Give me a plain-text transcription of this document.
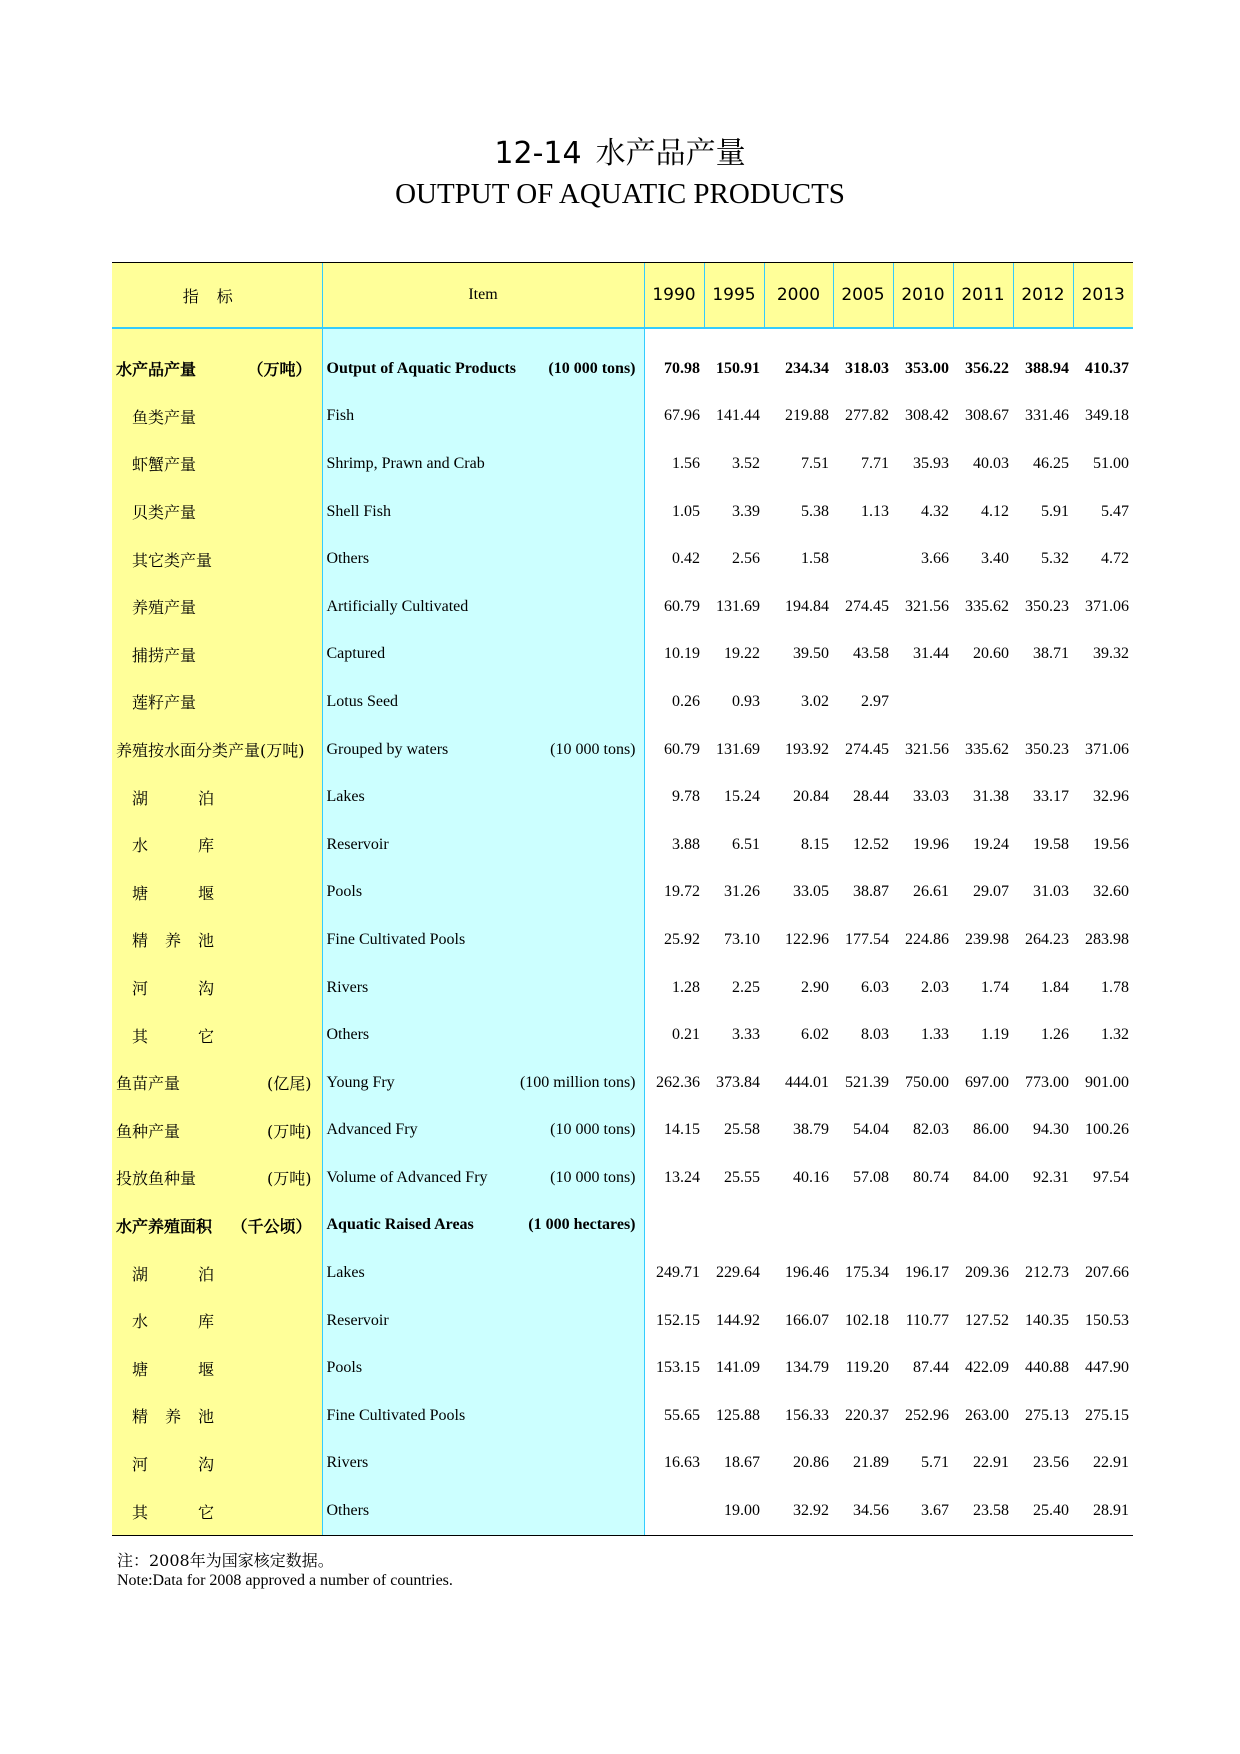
12-14 水产品产量
OUTPUT OF AQUATIC PRODUCTS
指标	Item	1990	1995	2000	2005	2010	2011	2012	2013

水产品产量 （万吨）	Output of Aquatic Products (10 000 tons)	70.98	150.91	234.34	318.03	353.00	356.22	388.94	410.37

鱼类产量	Fish	67.96	141.44	219.88	277.82	308.42	308.67	331.46	349.18

虾蟹产量	Shrimp, Prawn and Crab	1.56	3.52	7.51	7.71	35.93	40.03	46.25	51.00

贝类产量	Shell Fish	1.05	3.39	5.38	1.13	4.32	4.12	5.91	5.47

其它类产量	Others	0.42	2.56	1.58		3.66	3.40	5.32	4.72

养殖产量	Artificially Cultivated	60.79	131.69	194.84	274.45	321.56	335.62	350.23	371.06

捕捞产量	Captured	10.19	19.22	39.50	43.58	31.44	20.60	38.71	39.32

莲籽产量	Lotus Seed	0.26	0.93	3.02	2.97				

养殖按水面分类产量(万吨)	Grouped by waters (10 000 tons)	60.79	131.69	193.92	274.45	321.56	335.62	350.23	371.06

湖 泊	Lakes	9.78	15.24	20.84	28.44	33.03	31.38	33.17	32.96

水 库	Reservoir	3.88	6.51	8.15	12.52	19.96	19.24	19.58	19.56

塘 堰	Pools	19.72	31.26	33.05	38.87	26.61	29.07	31.03	32.60

精 养 池	Fine Cultivated Pools	25.92	73.10	122.96	177.54	224.86	239.98	264.23	283.98

河 沟	Rivers	1.28	2.25	2.90	6.03	2.03	1.74	1.84	1.78

其 它	Others	0.21	3.33	6.02	8.03	1.33	1.19	1.26	1.32

鱼苗产量 (亿尾)	Young Fry (100 million tons)	262.36	373.84	444.01	521.39	750.00	697.00	773.00	901.00

鱼种产量 (万吨)	Advanced Fry (10 000 tons)	14.15	25.58	38.79	54.04	82.03	86.00	94.30	100.26

投放鱼种量 (万吨)	Volume of Advanced Fry (10 000 tons)	13.24	25.55	40.16	57.08	80.74	84.00	92.31	97.54

水产养殖面积 （千公顷）	Aquatic Raised Areas (1 000 hectares)								

湖 泊	Lakes	249.71	229.64	196.46	175.34	196.17	209.36	212.73	207.66

水 库	Reservoir	152.15	144.92	166.07	102.18	110.77	127.52	140.35	150.53

塘 堰	Pools	153.15	141.09	134.79	119.20	87.44	422.09	440.88	447.90

精 养 池	Fine Cultivated Pools	55.65	125.88	156.33	220.37	252.96	263.00	275.13	275.15

河 沟	Rivers	16.63	18.67	20.86	21.89	5.71	22.91	23.56	22.91

其 它	Others		19.00	32.92	34.56	3.67	23.58	25.40	28.91
注：2008年为国家核定数据。
Note:Data for 2008 approved a number of countries.
